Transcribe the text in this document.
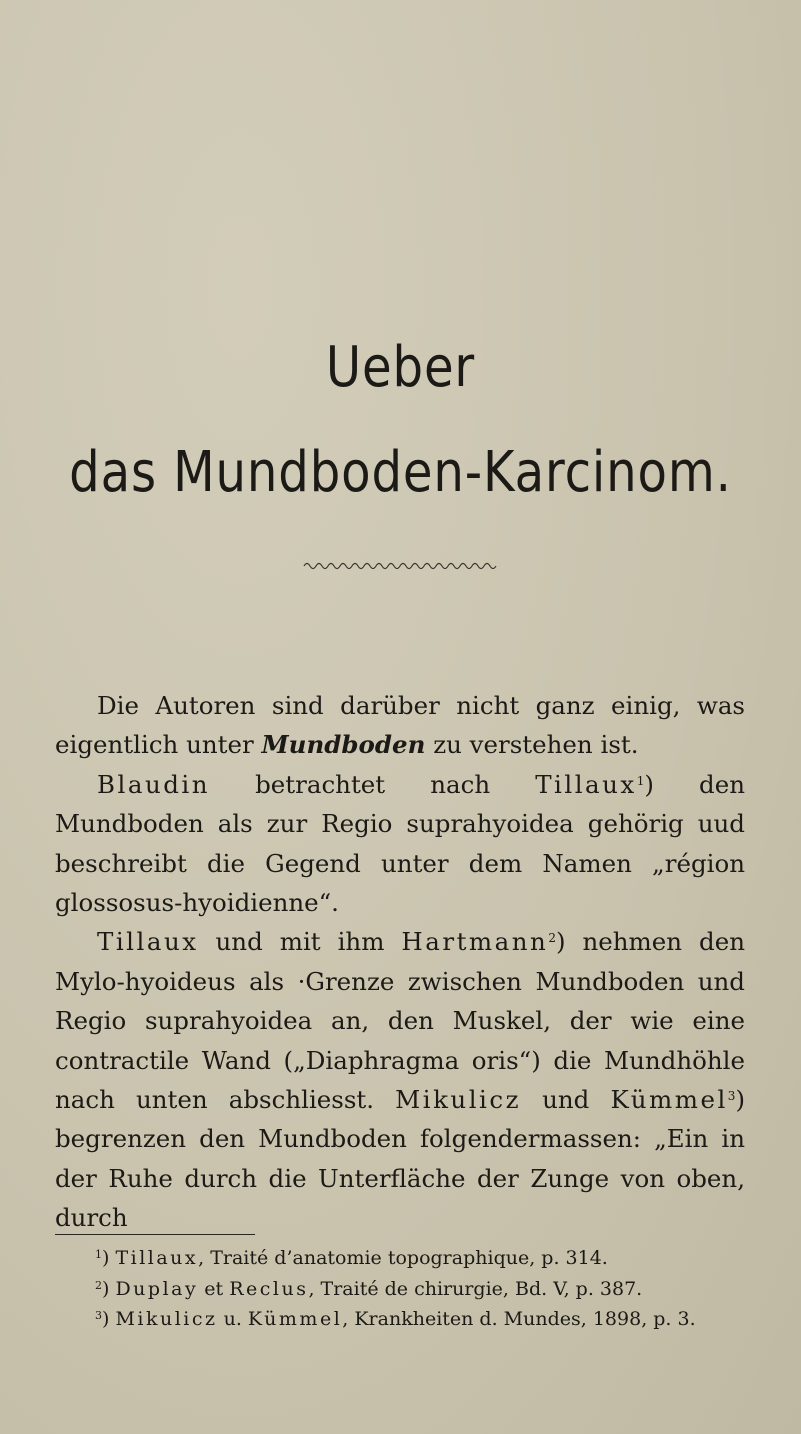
Ueber
das Mundboden-Karcinom.

Die Autoren sind darüber nicht ganz einig, was eigentlich unter Mundboden zu verstehen ist.

Blaudin betrachtet nach Tillaux$^1$) den Mundboden als zur Regio suprahyoidea gehörig uud beschreibt die Gegend unter dem Namen „région glossosus-hyoidienne“.

Tillaux und mit ihm Hartmann$^2$) nehmen den Mylo-hyoideus als ·Grenze zwischen Mundboden und Regio suprahyoidea an, den Muskel, der wie eine contractile Wand („Diaphragma oris“) die Mundhöhle nach unten abschliesst. Mikulicz und Kümmel$^3$) begrenzen den Mundboden folgendermassen: „Ein in der Ruhe durch die Unterfläche der Zunge von oben, durch

$^1$) Tillaux, Traité d’anatomie topographique, p. 314.

$^2$) Duplay et Reclus, Traité de chirurgie, Bd. V, p. 387.

$^3$) Mikulicz u. Kümmel, Krankheiten d. Mundes, 1898, p. 3.
